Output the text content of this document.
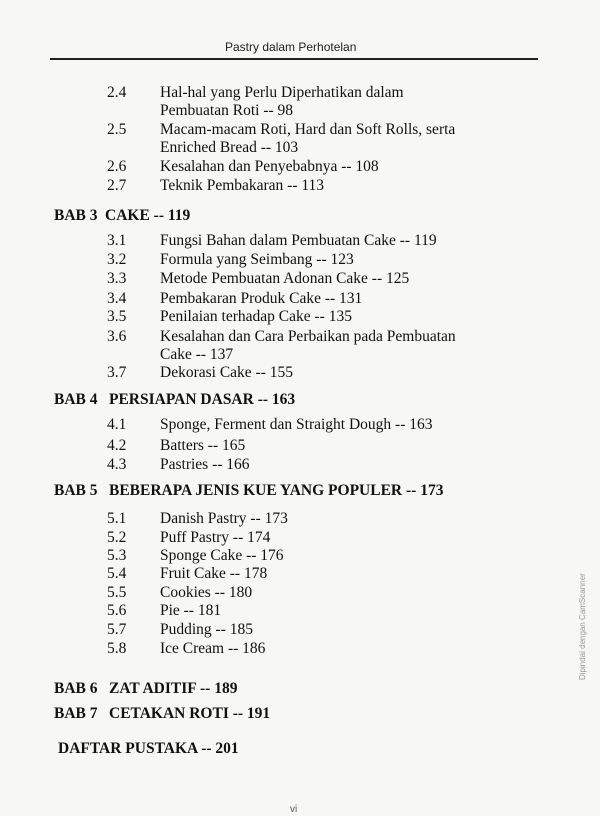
Pastry dalam Perhotelan
2.4 Hal-hal yang Perlu Diperhatikan dalam
Pembuatan Roti -- 98
2.5 Macam-macam Roti, Hard dan Soft Rolls, serta
Enriched Bread -- 103
2.6 Kesalahan dan Penyebabnya -- 108
2.7 Teknik Pembakaran -- 113
BAB 3 CAKE -- 119
3.1 Fungsi Bahan dalam Pembuatan Cake -- 119
3.2 Formula yang Seimbang -- 123
3.3 Metode Pembuatan Adonan Cake -- 125
3.4 Pembakaran Produk Cake -- 131
3.5 Penilaian terhadap Cake -- 135
3.6 Kesalahan dan Cara Perbaikan pada Pembuatan
Cake -- 137
3.7 Dekorasi Cake -- 155
BAB 4 PERSIAPAN DASAR -- 163
4.1 Sponge, Ferment dan Straight Dough -- 163
4.2 Batters -- 165
4.3 Pastries -- 166
BAB 5 BEBERAPA JENIS KUE YANG POPULER -- 173
5.1 Danish Pastry -- 173
5.2 Puff Pastry -- 174
5.3 Sponge Cake -- 176
5.4 Fruit Cake -- 178
5.5 Cookies -- 180
5.6 Pie -- 181
5.7 Pudding -- 185
5.8 Ice Cream -- 186
BAB 6 ZAT ADITIF -- 189
BAB 7 CETAKAN ROTI -- 191
DAFTAR PUSTAKA -- 201
Dipindai dengan CamScanner
vi
